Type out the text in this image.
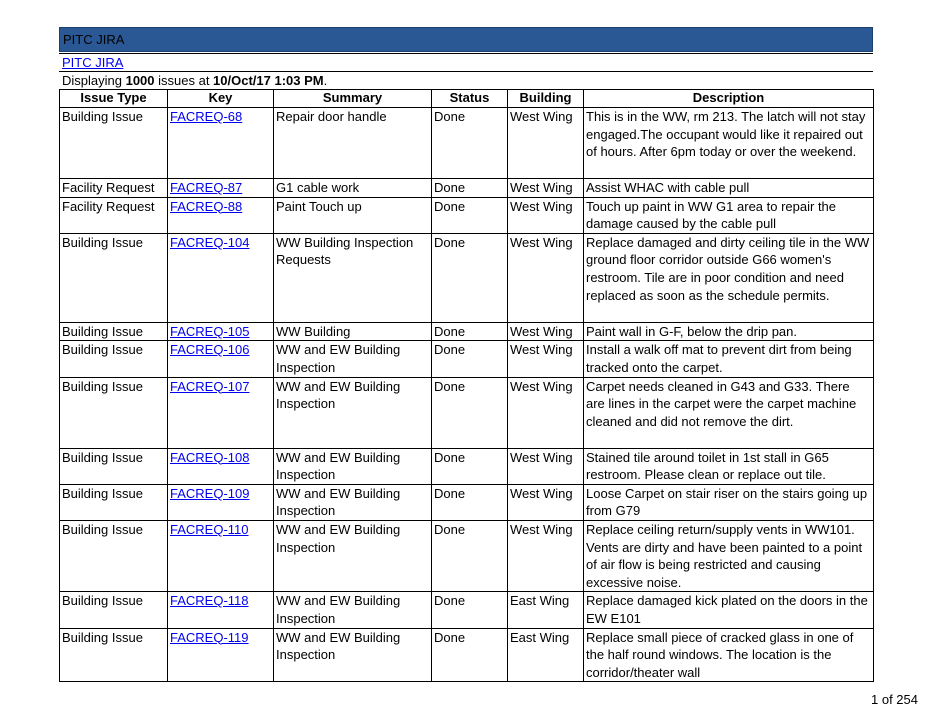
PITC JIRA
PITC JIRA
Displaying 1000 issues at 10/Oct/17 1:03 PM.
Issue Type	Key	Summary	Status	Building	Description
Building Issue	FACREQ-68	Repair door handle	Done	West Wing	This is in the WW, rm 213. The latch will not stay engaged.The occupant would like it repaired out of hours. After 6pm today or over the weekend.
Facility Request	FACREQ-87	G1 cable work	Done	West Wing	Assist WHAC with cable pull
Facility Request	FACREQ-88	Paint Touch up	Done	West Wing	Touch up paint in WW G1 area to repair the damage caused by the cable pull
Building Issue	FACREQ-104	WW Building Inspection Requests	Done	West Wing	Replace damaged and dirty ceiling tile in the WW ground floor corridor outside G66 women's restroom. Tile are in poor condition and need replaced as soon as the schedule permits.
Building Issue	FACREQ-105	WW Building	Done	West Wing	Paint wall in G-F, below the drip pan.
Building Issue	FACREQ-106	WW and EW Building Inspection	Done	West Wing	Install a walk off mat to prevent dirt from being tracked onto the carpet.
Building Issue	FACREQ-107	WW and EW Building Inspection	Done	West Wing	Carpet needs cleaned in G43 and G33. There are lines in the carpet were the carpet machine cleaned and did not remove the dirt.
Building Issue	FACREQ-108	WW and EW Building Inspection	Done	West Wing	Stained tile around toilet in 1st stall in G65 restroom. Please clean or replace out tile.
Building Issue	FACREQ-109	WW and EW Building Inspection	Done	West Wing	Loose Carpet on stair riser on the stairs going up from G79
Building Issue	FACREQ-110	WW and EW Building Inspection	Done	West Wing	Replace ceiling return/supply vents in WW101. Vents are dirty and have been painted to a point of air flow is being restricted and causing excessive noise.
Building Issue	FACREQ-118	WW and EW Building Inspection	Done	East Wing	Replace damaged kick plated on the doors in the EW E101
Building Issue	FACREQ-119	WW and EW Building Inspection	Done	East Wing	Replace small piece of cracked glass in one of the half round windows. The location is the corridor/theater wall
1 of 254
